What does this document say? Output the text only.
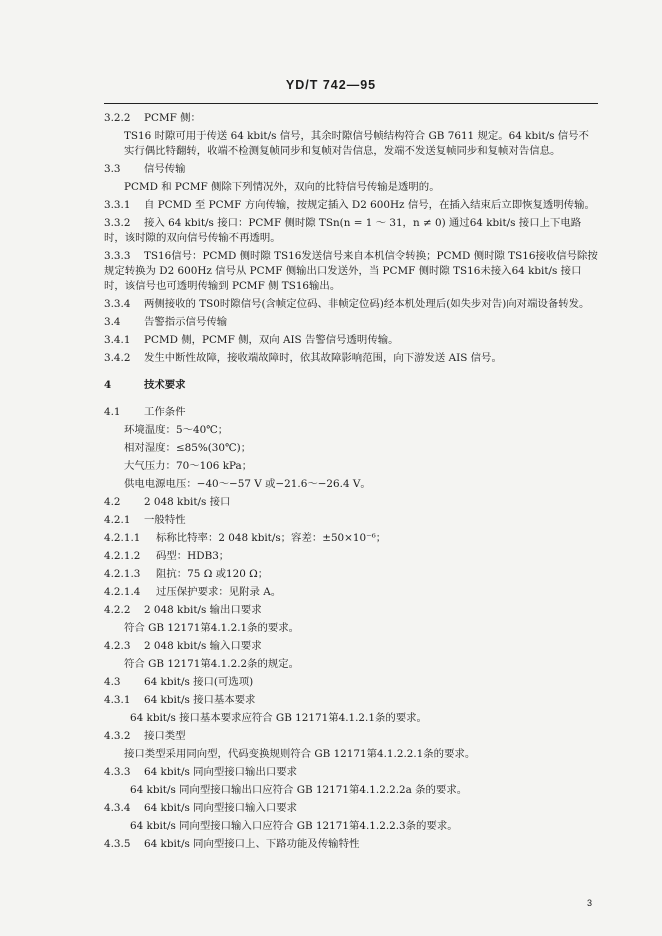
YD/T 742—95
3.2.2 PCMF 侧：
TS16 时隙可用于传送 64 kbit/s 信号，其余时隙信号帧结构符合 GB 7611 规定。64 kbit/s 信号不实行偶比特翻转，收端不检测复帧同步和复帧对告信息，发端不发送复帧同步和复帧对告信息。
3.3 信号传输
PCMD 和 PCMF 侧除下列情况外，双向的比特信号传输是透明的。
3.3.1 自 PCMD 至 PCMF 方向传输，按规定插入 D2 600Hz 信号，在插入结束后立即恢复透明传输。
3.3.2 接入 64 kbit/s 接口：PCMF 侧时隙 TSn(n = 1 ～ 31，n ≠ 0) 通过64 kbit/s 接口上下电路时，该时隙的双向信号传输不再透明。
3.3.3 TS16信号：PCMD 侧时隙 TS16发送信号来自本机信令转换；PCMD 侧时隙 TS16接收信号除按规定转换为 D2 600Hz 信号从 PCMF 侧输出口发送外，当 PCMF 侧时隙 TS16未接入64 kbit/s 接口时，该信号也可透明传输到 PCMF 侧 TS16输出。
3.3.4 两侧接收的 TS0时隙信号(含帧定位码、非帧定位码)经本机处理后(如失步对告)向对端设备转发。
3.4 告警指示信号传输
3.4.1 PCMD 侧，PCMF 侧，双向 AIS 告警信号透明传输。
3.4.2 发生中断性故障，接收端故障时，依其故障影响范围，向下游发送 AIS 信号。
4	技术要求
4.1 工作条件
环境温度：5～40℃；
相对湿度：≤85%(30℃)；
大气压力：70～106 kPa；
供电电源电压：−40～−57 V 或−21.6～−26.4 V。
4.2 2 048 kbit/s 接口
4.2.1 一般特性
4.2.1.1 标称比特率：2 048 kbit/s；容差：±50×10⁻⁶；
4.2.1.2 码型：HDB3；
4.2.1.3 阻抗：75 Ω 或120 Ω；
4.2.1.4 过压保护要求：见附录 A。
4.2.2 2 048 kbit/s 输出口要求
符合 GB 12171第4.1.2.1条的要求。
4.2.3 2 048 kbit/s 输入口要求
符合 GB 12171第4.1.2.2条的规定。
4.3 64 kbit/s 接口(可选项)
4.3.1 64 kbit/s 接口基本要求
64 kbit/s 接口基本要求应符合 GB 12171第4.1.2.1条的要求。
4.3.2 接口类型
接口类型采用同向型，代码变换规则符合 GB 12171第4.1.2.2.1条的要求。
4.3.3 64 kbit/s 同向型接口输出口要求
64 kbit/s 同向型接口输出口应符合 GB 12171第4.1.2.2.2a 条的要求。
4.3.4 64 kbit/s 同向型接口输入口要求
64 kbit/s 同向型接口输入口应符合 GB 12171第4.1.2.2.3条的要求。
4.3.5 64 kbit/s 同向型接口上、下路功能及传输特性
3
